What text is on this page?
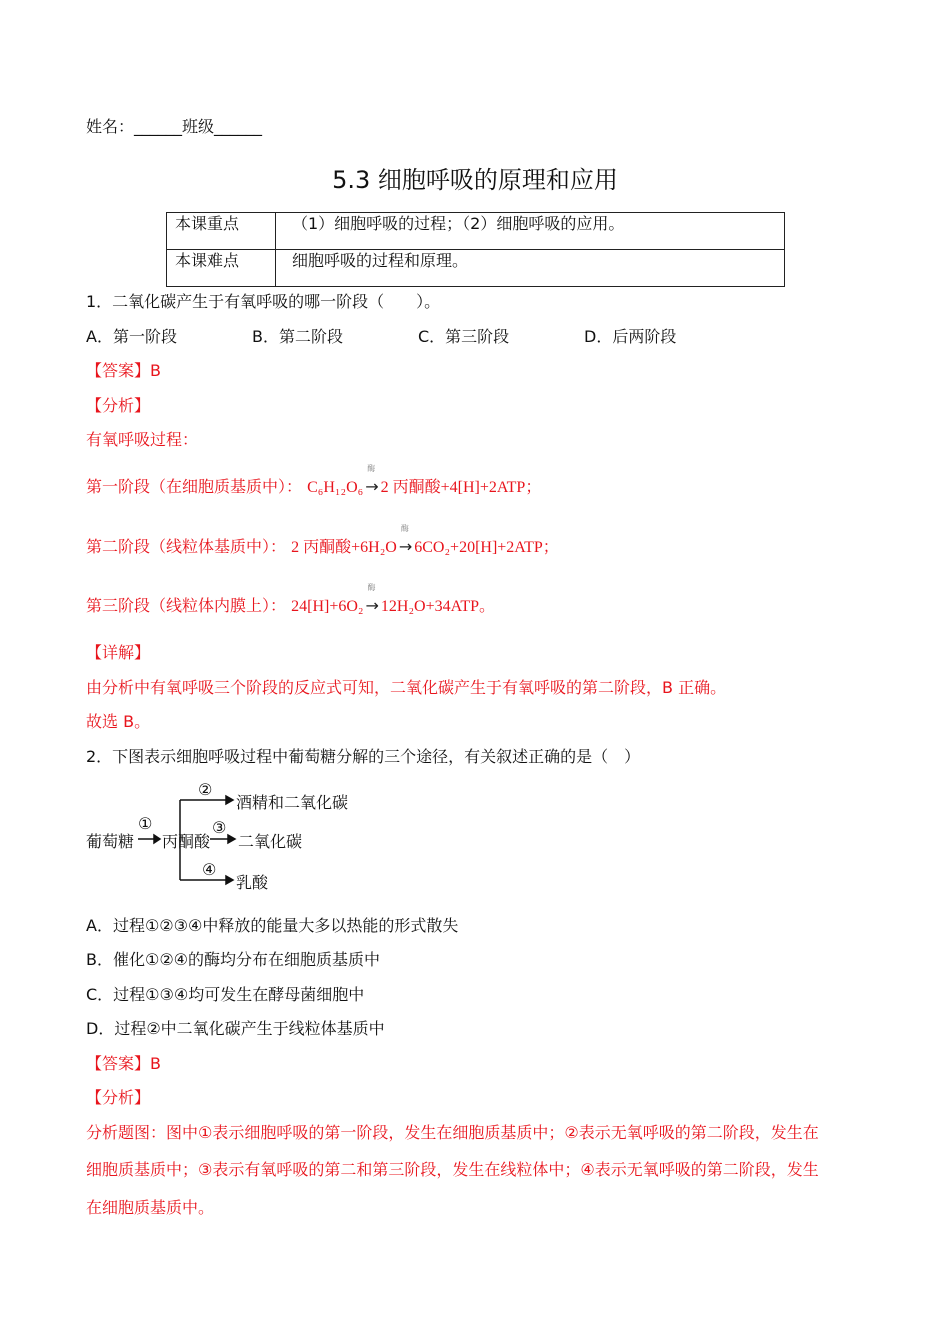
姓名：______班级______
5.3 细胞呼吸的原理和应用
本课重点	（1）细胞呼吸的过程；（2）细胞呼吸的应用。
本课难点	细胞呼吸的过程和原理。
1．二氧化碳产生于有氧呼吸的哪一阶段（　　）。
A．第一阶段	B．第二阶段	C．第三阶段	D．后两阶段
【答案】B
【分析】
有氧呼吸过程：
第一阶段（在细胞质基质中）： C₆H₁₂O₆
酶
→ 2 丙酮酸+4[H]+2ATP；
第二阶段（线粒体基质中）： 2 丙酮酸+6H₂O
酶
→ 6CO₂+20[H]+2ATP；
第三阶段（线粒体内膜上）： 24[H]+6O₂
酶
→ 12H₂O+34ATP。
【详解】
由分析中有氧呼吸三个阶段的反应式可知，二氧化碳产生于有氧呼吸的第二阶段，B 正确。
故选 B。
2．下图表示细胞呼吸过程中葡萄糖分解的三个途径，有关叙述正确的是（　）
葡萄糖 丙酮酸
①
②
③
④
酒精和二氧化碳
二氧化碳
乳酸
A．过程①②③④中释放的能量大多以热能的形式散失
B．催化①②④的酶均分布在细胞质基质中
C．过程①③④均可发生在酵母菌细胞中
D．过程②中二氧化碳产生于线粒体基质中
【答案】B
【分析】
分析题图：图中①表示细胞呼吸的第一阶段，发生在细胞质基质中；②表示无氧呼吸的第二阶段，发生在
细胞质基质中；③表示有氧呼吸的第二和第三阶段，发生在线粒体中；④表示无氧呼吸的第二阶段，发生
在细胞质基质中。
